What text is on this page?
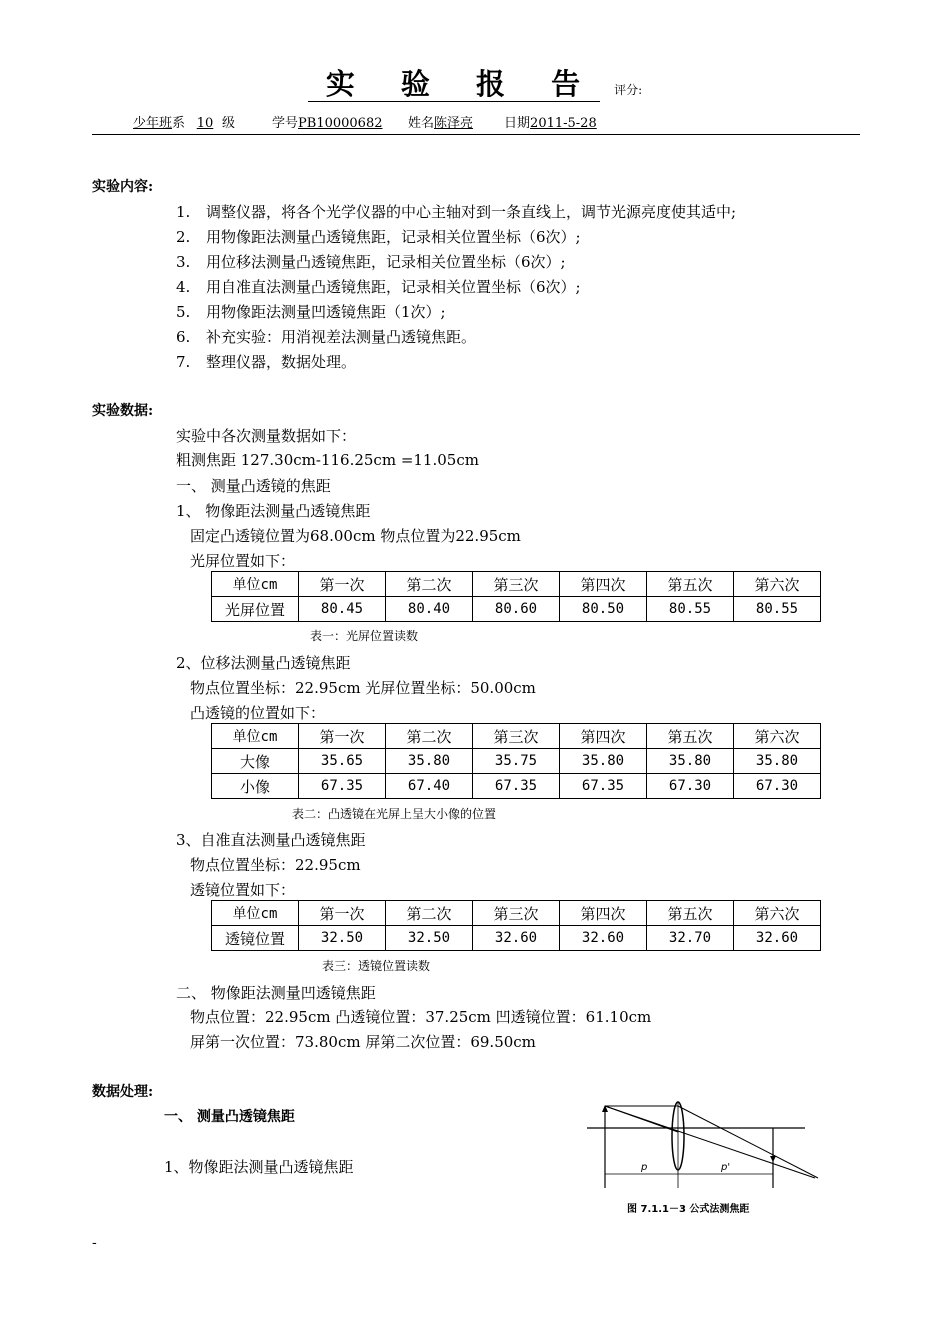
实 验 报 告 评分:
少年班系 10 级	学号PB10000682 姓名陈泽亮 日期2011-5-28
实验内容:
1. 调整仪器，将各个光学仪器的中心主轴对到一条直线上，调节光源亮度使其适中;
2. 用物像距法测量凸透镜焦距，记录相关位置坐标（6次）;
3. 用位移法测量凸透镜焦距，记录相关位置坐标（6次）;
4. 用自准直法测量凸透镜焦距，记录相关位置坐标（6次）;
5. 用物像距法测量凹透镜焦距（1次）;
6. 补充实验：用消视差法测量凸透镜焦距。
7. 整理仪器，数据处理。
实验数据:
实验中各次测量数据如下：
粗测焦距 127.30cm-116.25cm =11.05cm
一、 测量凸透镜的焦距
1、 物像距法测量凸透镜焦距
固定凸透镜位置为68.00cm 物点位置为22.95cm
光屏位置如下：
单位cm	第一次	第二次	第三次	第四次	第五次	第六次
光屏位置	80.45	80.40	80.60	80.50	80.55	80.55
表一：光屏位置读数
2、位移法测量凸透镜焦距
物点位置坐标：22.95cm 光屏位置坐标：50.00cm
凸透镜的位置如下：
单位cm	第一次	第二次	第三次	第四次	第五次	第六次
大像	35.65	35.80	35.75	35.80	35.80	35.80
小像	67.35	67.40	67.35	67.35	67.30	67.30
表二：凸透镜在光屏上呈大小像的位置
3、自准直法测量凸透镜焦距
物点位置坐标：22.95cm
透镜位置如下：
单位cm	第一次	第二次	第三次	第四次	第五次	第六次
透镜位置	32.50	32.50	32.60	32.60	32.70	32.60
表三：透镜位置读数
二、 物像距法测量凹透镜焦距
物点位置：22.95cm 凸透镜位置：37.25cm 凹透镜位置：61.10cm
屏第一次位置：73.80cm 屏第二次位置：69.50cm
数据处理:
一、 测量凸透镜焦距
1、物像距法测量凸透镜焦距	p	p'
图 7.1.1－3 公式法测焦距
-
